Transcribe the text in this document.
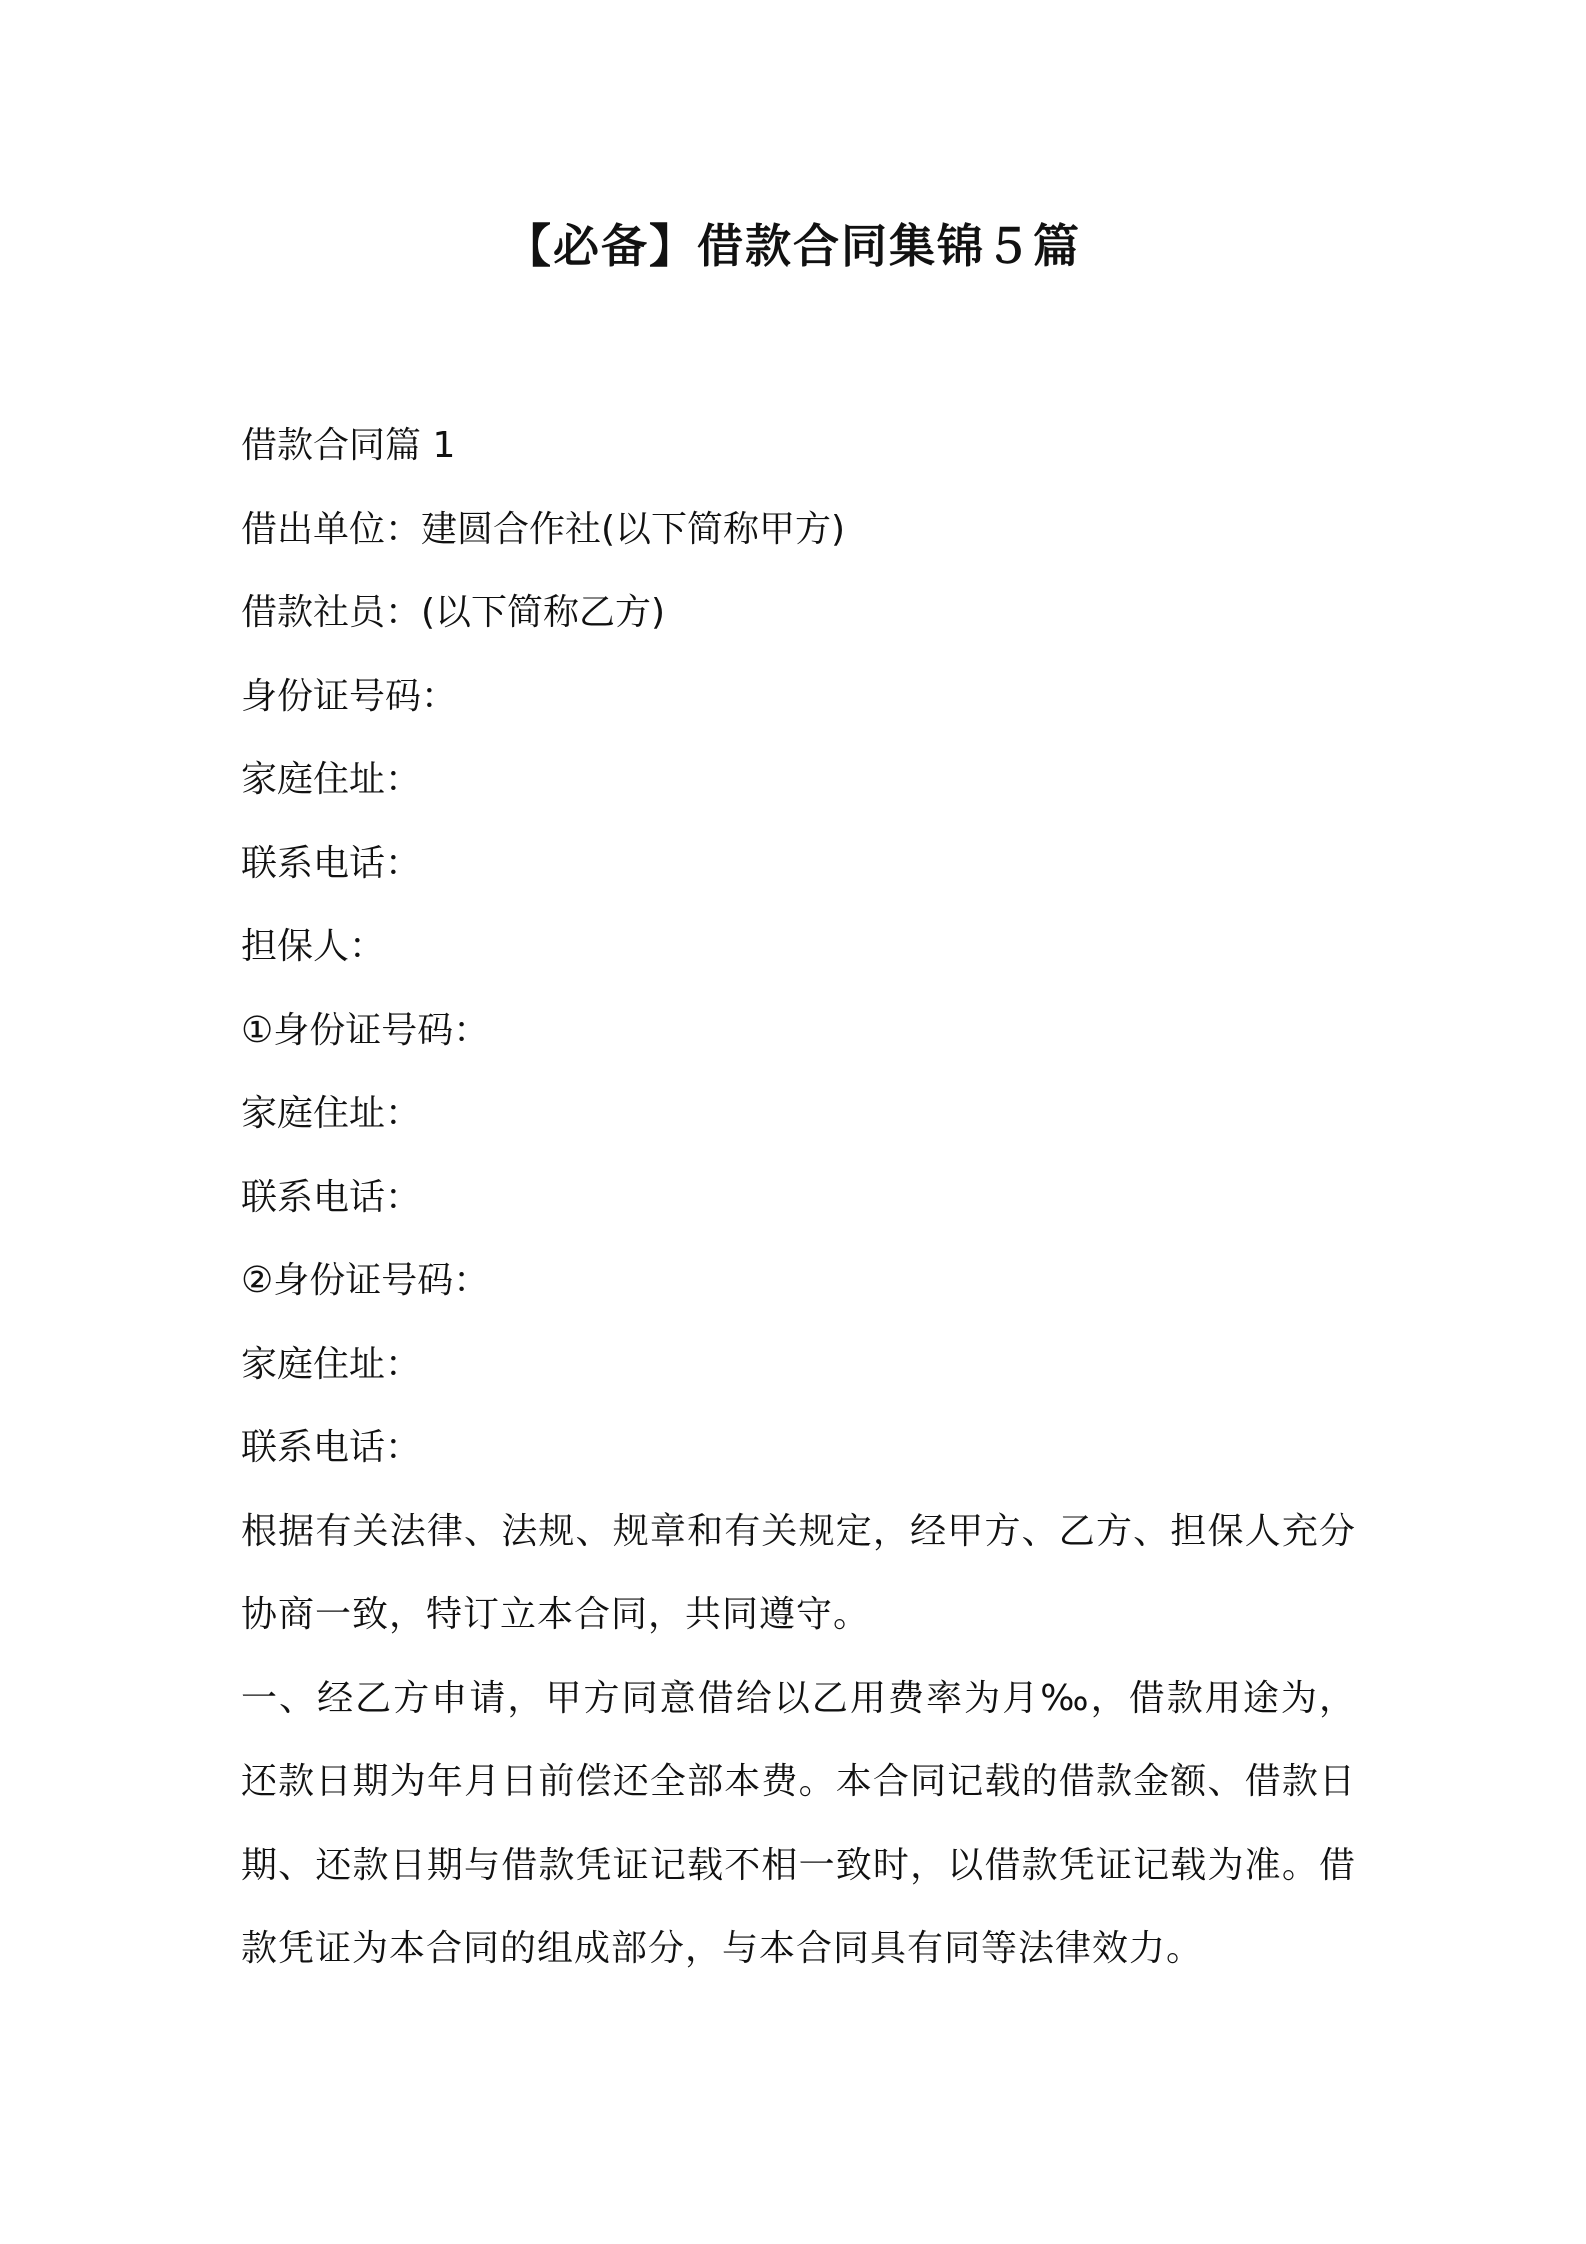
【必备】借款合同集锦５篇
借款合同篇 1
借出单位：建圆合作社(以下简称甲方)
借款社员：(以下简称乙方)
身份证号码：
家庭住址：
联系电话：
担保人：
①身份证号码：
家庭住址：
联系电话：
②身份证号码：
家庭住址：
联系电话：
根据有关法律、法规、规章和有关规定，经甲方、乙方、担保人充分协商一致，特订立本合同，共同遵守。
一、经乙方申请，甲方同意借给以乙用费率为月‰，借款用途为，还款日期为年月日前偿还全部本费。本合同记载的借款金额、借款日期、还款日期与借款凭证记载不相一致时，以借款凭证记载为准。借款凭证为本合同的组成部分，与本合同具有同等法律效力。
